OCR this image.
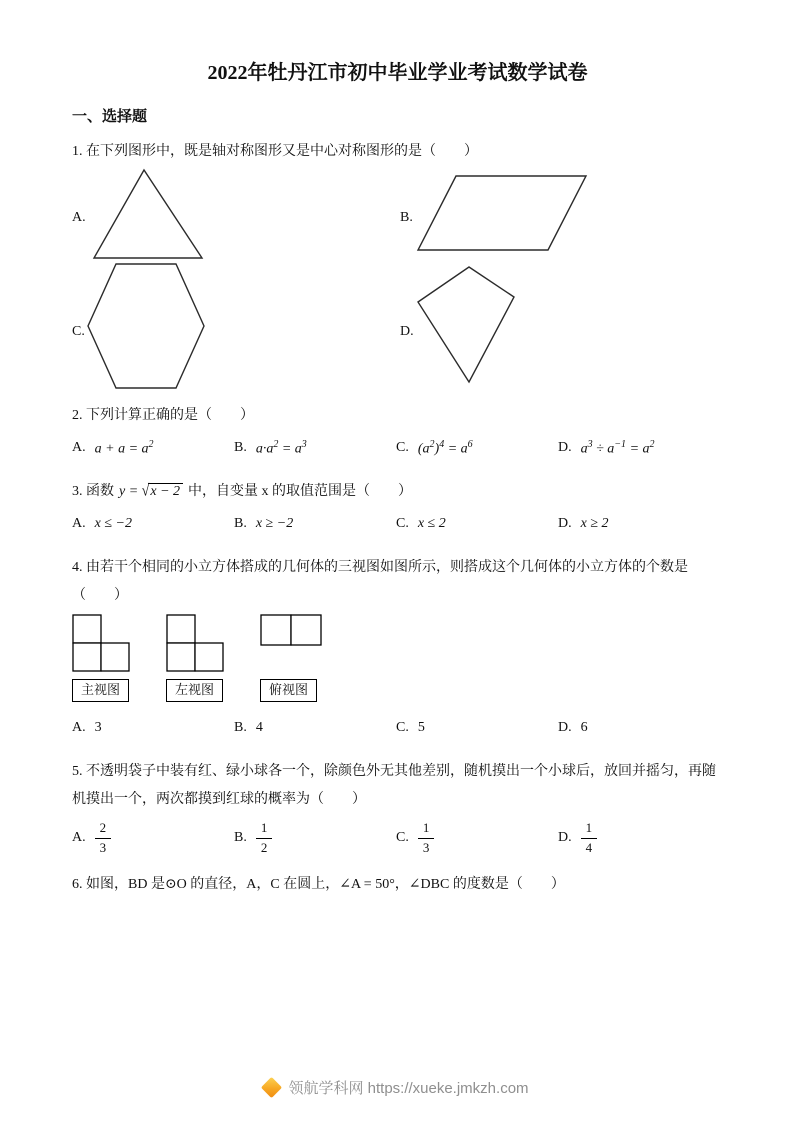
2022年牡丹江市初中毕业学业考试数学试卷
一、选择题

1. 在下列图形中，既是轴对称图形又是中心对称图形的是（　　）

A.	B.
C.	D.

2. 下列计算正确的是（　　）

A. $a + a = a^2$	B. $a\cdot a^2 = a^3$	C. $(a^2)^4 = a^6$	D. $a^3 \div a^{-1} = a^2$

3. 函数 y = √x − 2 中，自变量 x 的取值范围是（　　）

A. x ≤ −2	B. x ≥ −2	C. x ≤ 2	D. x ≥ 2

4. 由若干个相同的小立方体搭成的几何体的三视图如图所示，则搭成这个几何体的小立方体的个数是

（　　）

主视图	左视图	俯视图
A. 3	B. 4	C. 5	D. 6

5. 不透明袋子中装有红、绿小球各一个，除颜色外无其他差别，随机摸出一个小球后，放回并摇匀，再随机摸出一个，两次都摸到红球的概率为（　　）

A. $\frac{2}{3}$	B. $\frac{1}{2}$	C. $\frac{1}{3}$	D. $\frac{1}{4}$

6. 如图，BD 是⊙O 的直径，A，C 在圆上，∠A = 50°，∠DBC 的度数是（　　）

领航学科网 https://xueke.jmkzh.com
